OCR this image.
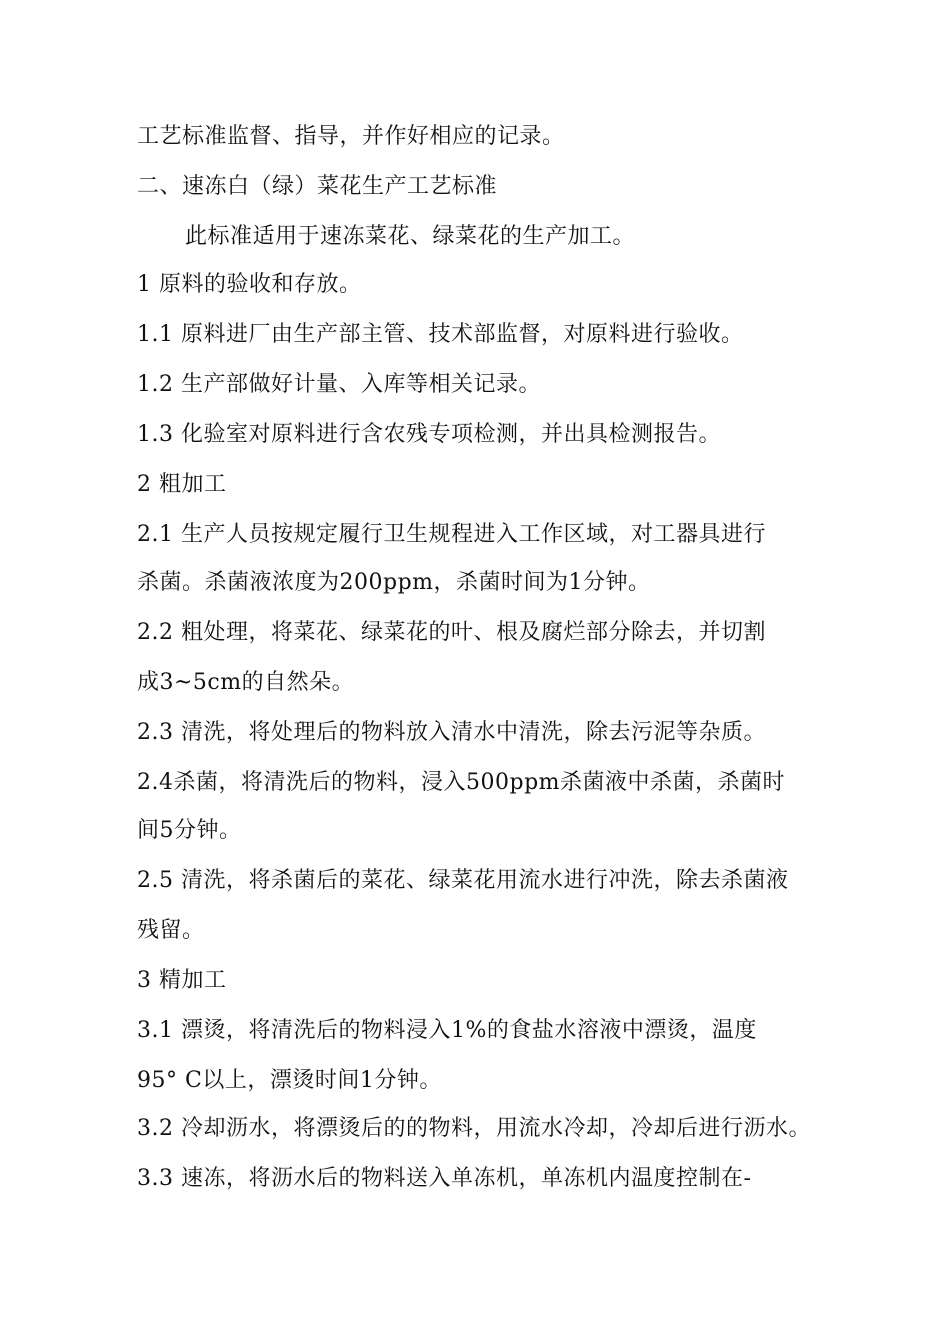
工艺标准监督、指导，并作好相应的记录。
二、速冻白（绿）菜花生产工艺标准
此标准适用于速冻菜花、绿菜花的生产加工。
1 原料的验收和存放。
1.1 原料进厂由生产部主管、技术部监督，对原料进行验收。
1.2 生产部做好计量、入库等相关记录。
1.3 化验室对原料进行含农残专项检测，并出具检测报告。
2 粗加工
2.1 生产人员按规定履行卫生规程进入工作区域，对工器具进行
杀菌。杀菌液浓度为200ppm，杀菌时间为1分钟。
2.2 粗处理，将菜花、绿菜花的叶、根及腐烂部分除去，并切割
成3~5cm的自然朵。
2.3 清洗，将处理后的物料放入清水中清洗，除去污泥等杂质。
2.4杀菌，将清洗后的物料，浸入500ppm杀菌液中杀菌，杀菌时
间5分钟。
2.5 清洗，将杀菌后的菜花、绿菜花用流水进行冲洗，除去杀菌液
残留。
3 精加工
3.1 漂烫，将清洗后的物料浸入1%的食盐水溶液中漂烫，温度
95° C以上，漂烫时间1分钟。
3.2 冷却沥水，将漂烫后的的物料，用流水冷却，冷却后进行沥水。
3.3 速冻，将沥水后的物料送入单冻机，单冻机内温度控制在-
